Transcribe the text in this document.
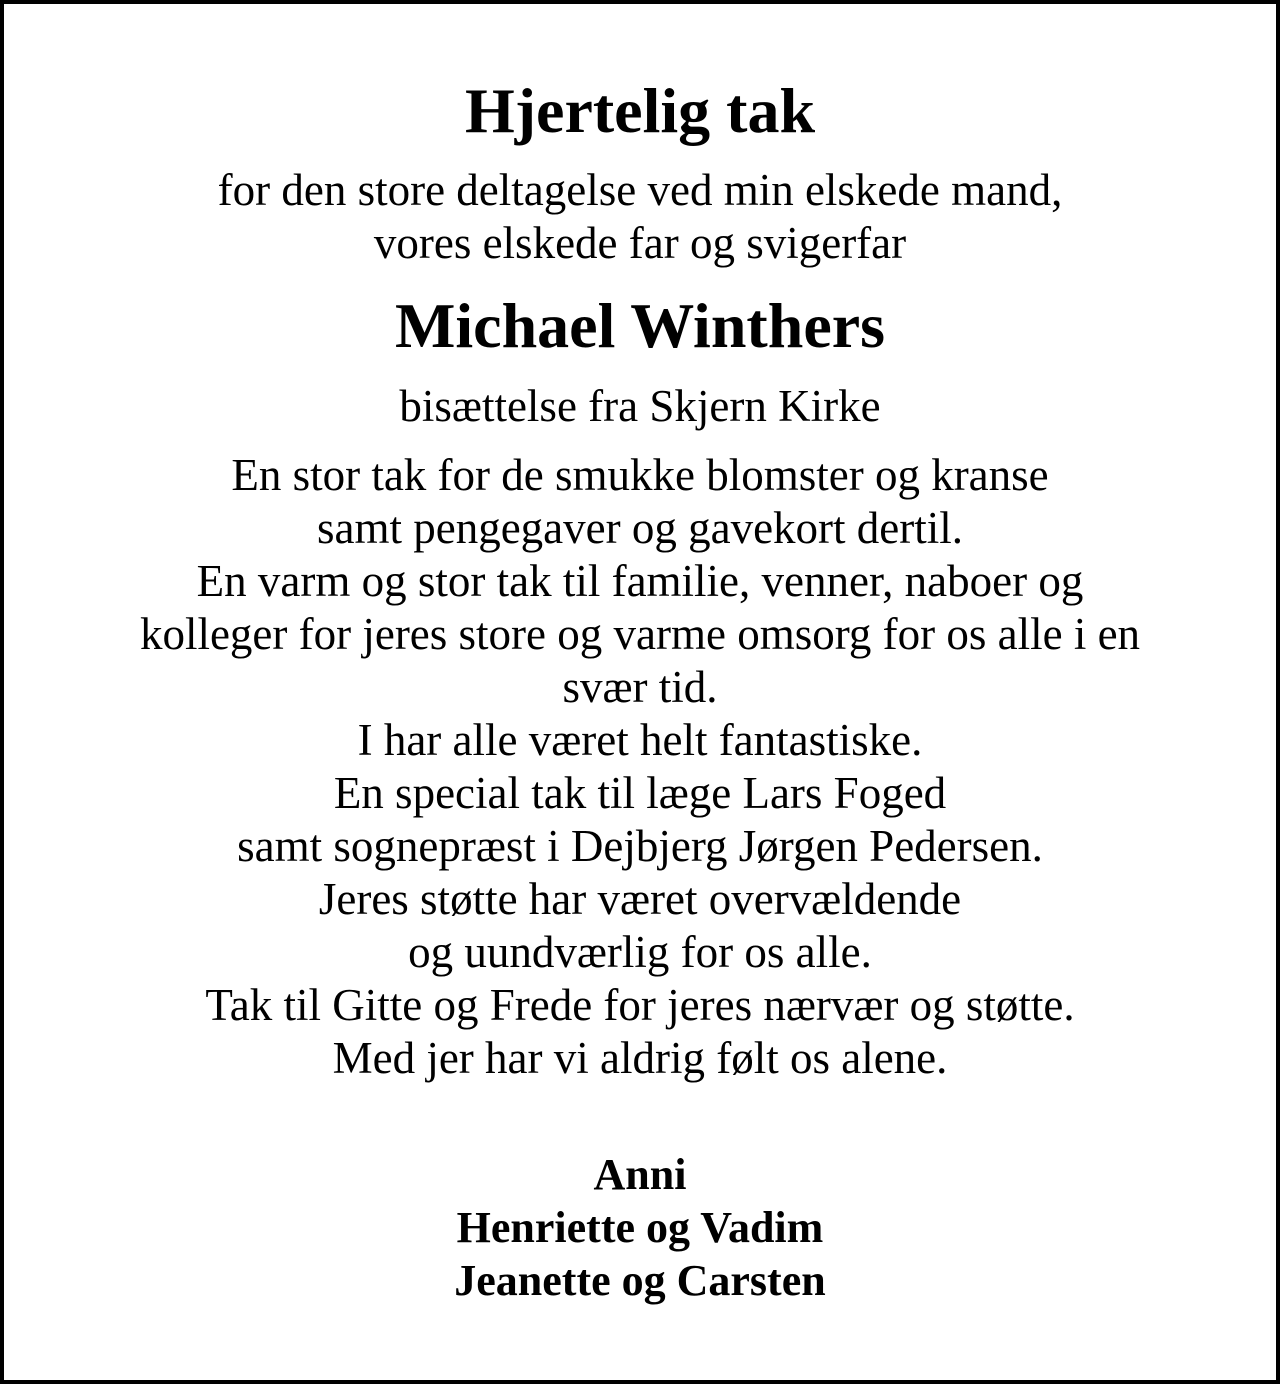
Hjertelig tak
for den store deltagelse ved min elskede mand,
vores elskede far og svigerfar
Michael Winthers
bisættelse fra Skjern Kirke
En stor tak for de smukke blomster og kranse
samt pengegaver og gavekort dertil.
En varm og stor tak til familie, venner, naboer og
kolleger for jeres store og varme omsorg for os alle i en
svær tid.
I har alle været helt fantastiske.
En special tak til læge Lars Foged
samt sognepræst i Dejbjerg Jørgen Pedersen.
Jeres støtte har været overvældende
og uundværlig for os alle.
Tak til Gitte og Frede for jeres nærvær og støtte.
Med jer har vi aldrig følt os alene.
Anni
Henriette og Vadim
Jeanette og Carsten
